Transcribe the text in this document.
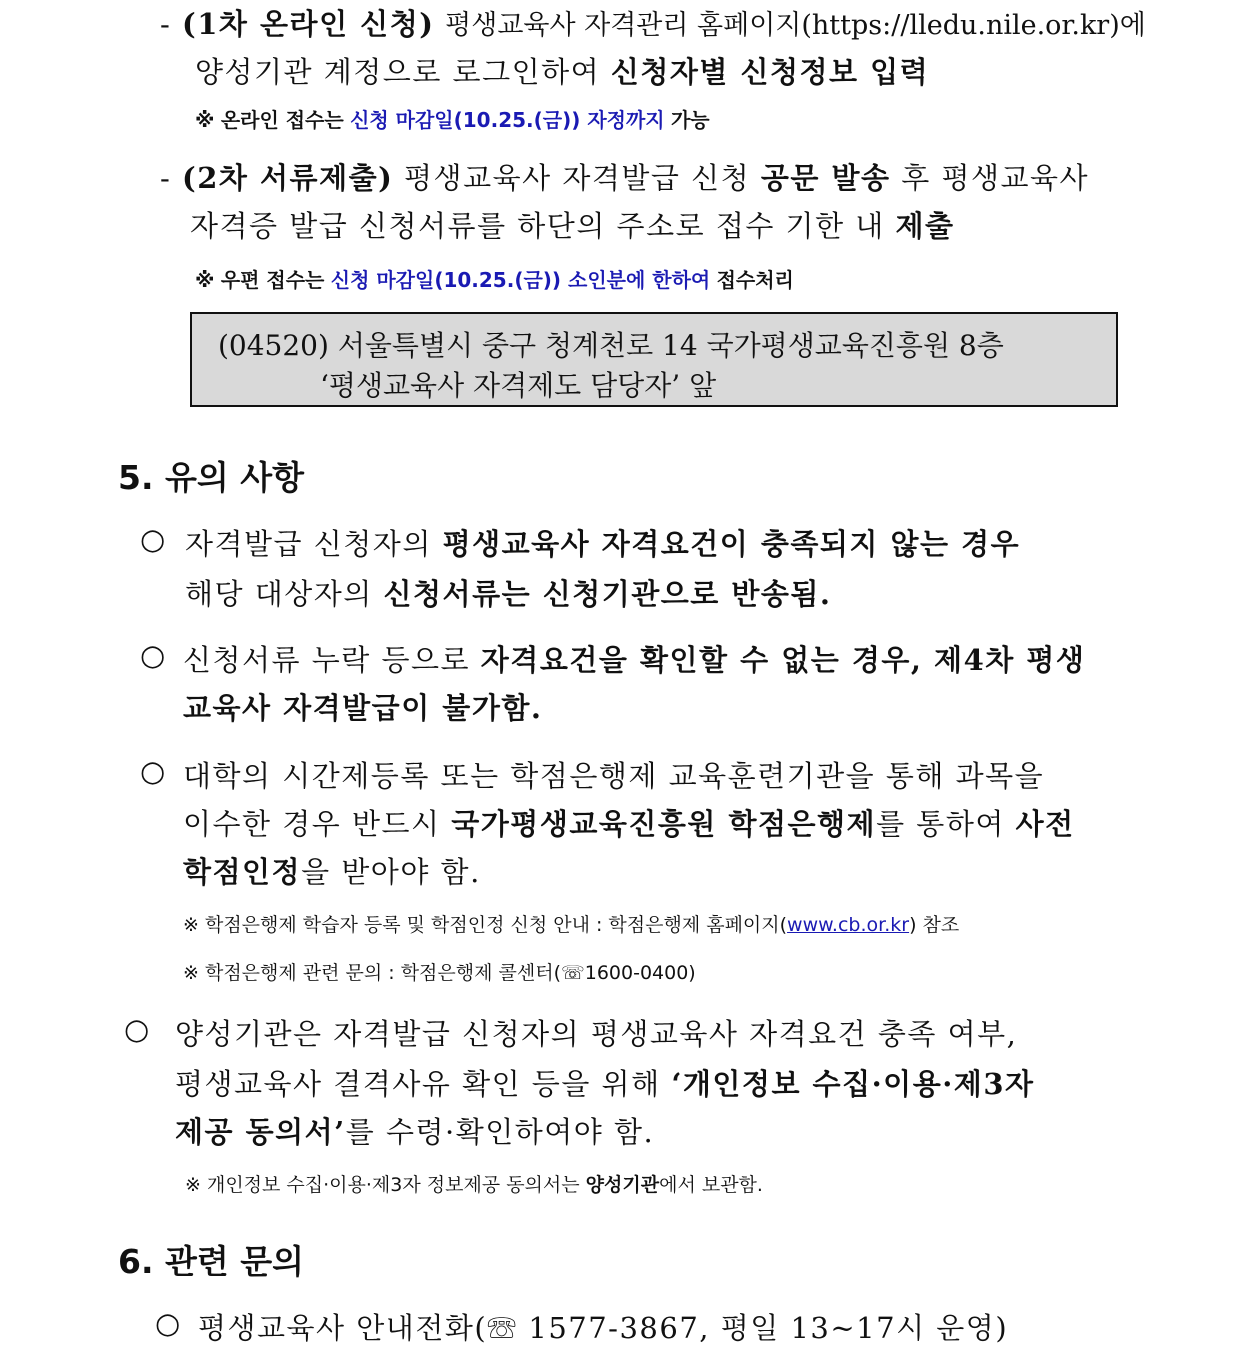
- (1차 온라인 신청) 평생교육사 자격관리 홈페이지(https://lledu.nile.or.kr)에
양성기관 계정으로 로그인하여 신청자별 신청정보 입력
※ 온라인 접수는 신청 마감일(10.25.(금)) 자정까지 가능
- (2차 서류제출) 평생교육사 자격발급 신청 공문 발송 후 평생교육사
자격증 발급 신청서류를 하단의 주소로 접수 기한 내 제출
※ 우편 접수는 신청 마감일(10.25.(금)) 소인분에 한하여 접수처리
(04520) 서울특별시 중구 청계천로 14 국가평생교육진흥원 8층
‘평생교육사 자격제도 담당자’ 앞
5. 유의 사항
○ 자격발급 신청자의 평생교육사 자격요건이 충족되지 않는 경우
해당 대상자의 신청서류는 신청기관으로 반송됨.
○ 신청서류 누락 등으로 자격요건을 확인할 수 없는 경우, 제4차 평생
교육사 자격발급이 불가함.
○ 대학의 시간제등록 또는 학점은행제 교육훈련기관을 통해 과목을
이수한 경우 반드시 국가평생교육진흥원 학점은행제를 통하여 사전
학점인정을 받아야 함.
※ 학점은행제 학습자 등록 및 학점인정 신청 안내 : 학점은행제 홈페이지(www.cb.or.kr) 참조
※ 학점은행제 관련 문의 : 학점은행제 콜센터(☏1600-0400)
○ 양성기관은 자격발급 신청자의 평생교육사 자격요건 충족 여부,
평생교육사 결격사유 확인 등을 위해 ‘개인정보 수집·이용·제3자
제공 동의서’를 수령·확인하여야 함.
※ 개인정보 수집·이용·제3자 정보제공 동의서는 양성기관에서 보관함.
6. 관련 문의
○ 평생교육사 안내전화(☏ 1577-3867, 평일 13~17시 운영)
